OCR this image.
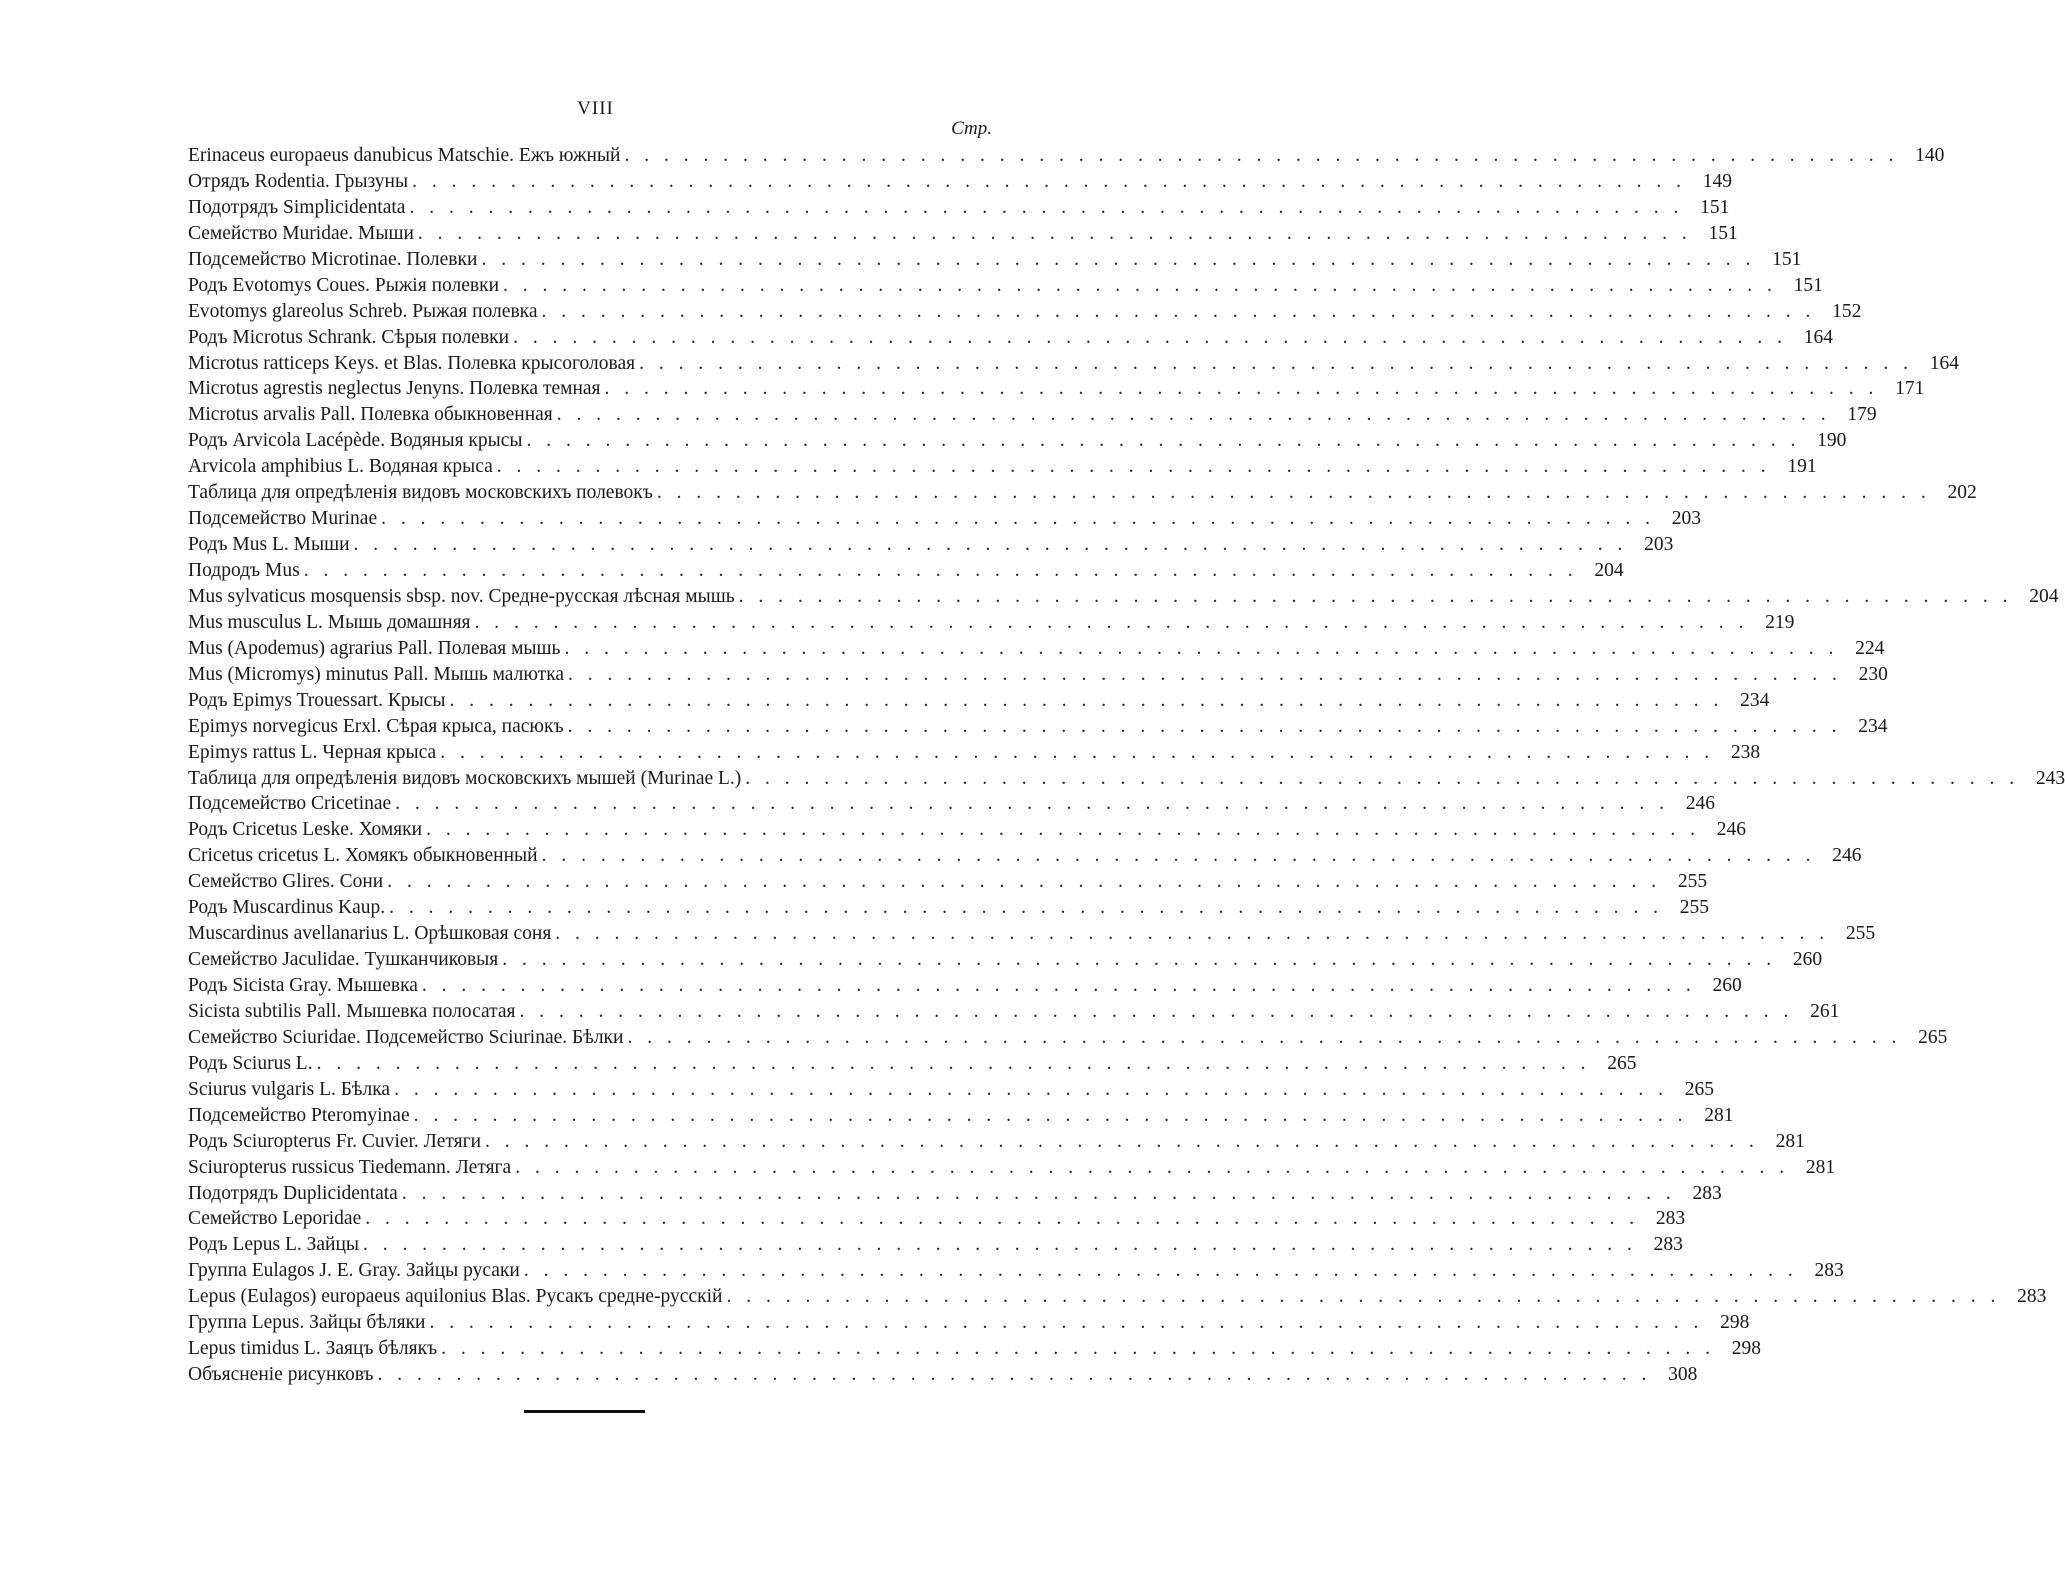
VIII
Стр.
Erinaceus europaeus danubicus Matschie. Ежъ южный . . .	140
Отрядъ Rodentia. Грызуны . . .	149
Подотрядъ Simplicidentata . . .	151
Семейство Muridae. Мыши . . .	151
Подсемейство Microtinae. Полевки . . .	151
Родъ Evotomys Coues. Рыжія полевки . . .	151
Evotomys glareolus Schreb. Рыжая полевка . . .	152
Родъ Microtus Schrank. Сѣрыя полевки . . .	164
Microtus ratticeps Keys. et Blas. Полевка крысоголовая . . .	164
Microtus agrestis neglectus Jenyns. Полевка темная . . .	171
Microtus arvalis Pall. Полевка обыкновенная . . .	179
Родъ Arvicola Lacépède. Водяныя крысы . . .	190
Arvicola amphibius L. Водяная крыса . . .	191
Таблица для опредѣленія видовъ московскихъ полевокъ . . .	202
Подсемейство Murinae . . .	203
Родъ Mus L. Мыши . . .	203
Подродъ Mus . . .	204
Mus sylvaticus mosquensis sbsp. nov. Средне-русская лѣсная мышь . . .	204
Mus musculus L. Мышь домашняя . . .	219
Mus (Apodemus) agrarius Pall. Полевая мышь . . .	224
Mus (Micromys) minutus Pall. Мышь малютка . . .	230
Родъ Epimys Trouessart. Крысы . . .	234
Epimys norvegicus Erxl. Сѣрая крыса, пасюкъ . . .	234
Epimys rattus L. Черная крыса . . .	238
Таблица для опредѣленія видовъ московскихъ мышей (Murinae L.) . . .	243
Подсемейство Cricetinae . . .	246
Родъ Cricetus Leske. Хомяки . . .	246
Cricetus cricetus L. Хомякъ обыкновенный . . .	246
Семейство Glires. Сони . . .	255
Родъ Muscardinus Kaup. . . .	255
Muscardinus avellanarius L. Орѣшковая соня . . .	255
Семейство Jaculidae. Тушканчиковыя . . .	260
Родъ Sicista Gray. Мышевка . . .	260
Sicista subtilis Pall. Мышевка полосатая . . .	261
Семейство Sciuridae. Подсемейство Sciurinae. Бѣлки . . .	265
Родъ Sciurus L. . . .	265
Sciurus vulgaris L. Бѣлка . . .	265
Подсемейство Pteromyinae . . .	281
Родъ Sciuropterus Fr. Cuvier. Летяги . . .	281
Sciuropterus russicus Tiedemann. Летяга . . .	281
Подотрядъ Duplicidentata . . .	283
Семейство Leporidae . . .	283
Родъ Lepus L. Зайцы . . .	283
Группа Eulagos J. E. Gray. Зайцы русаки . . .	283
Lepus (Eulagos) europaeus aquilonius Blas. Русакъ средне-русскій . . .	283
Группа Lepus. Зайцы бѣляки . . .	298
Lepus timidus L. Заяцъ бѣлякъ . . .	298
Объясненіе рисунковъ . . .	308
